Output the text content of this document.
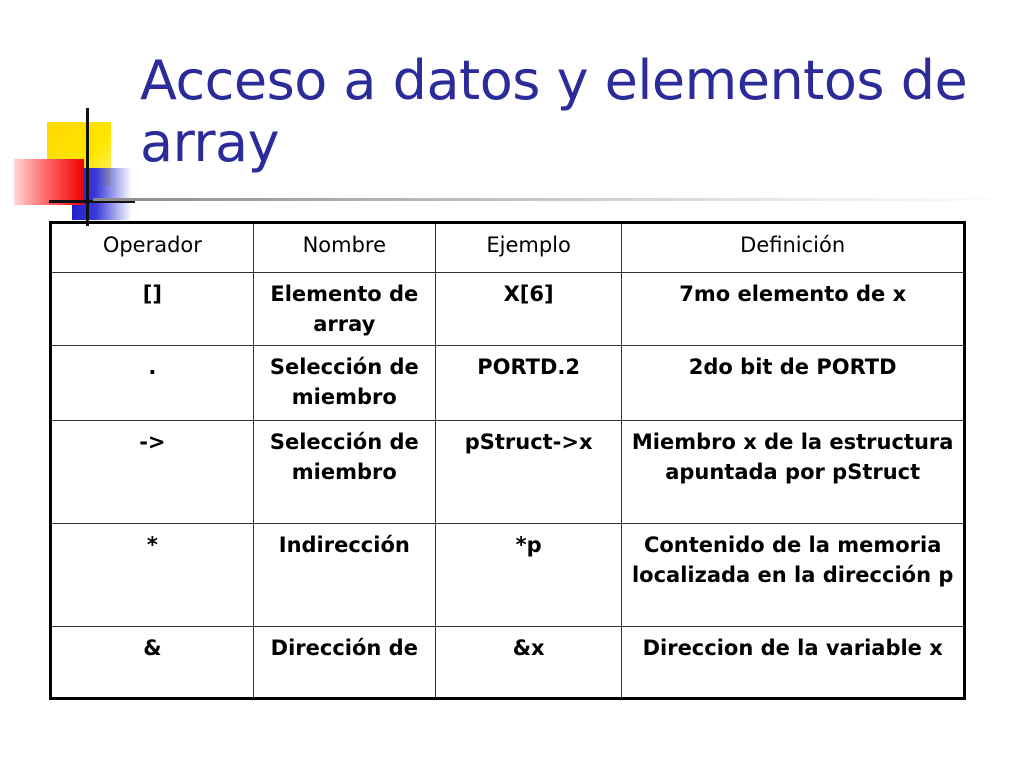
Acceso a datos y elementos de array
Operador	Nombre	Ejemplo	Definición
[]	Elemento de array	X[6]	7mo elemento de x
.	Selección de miembro	PORTD.2	2do bit de PORTD
->	Selección de miembro	pStruct->x	Miembro x de la estructura apuntada por pStruct
*	Indirección	*p	Contenido de la memoria localizada en la dirección p
&	Dirección de	&x	Direccion de la variable x
